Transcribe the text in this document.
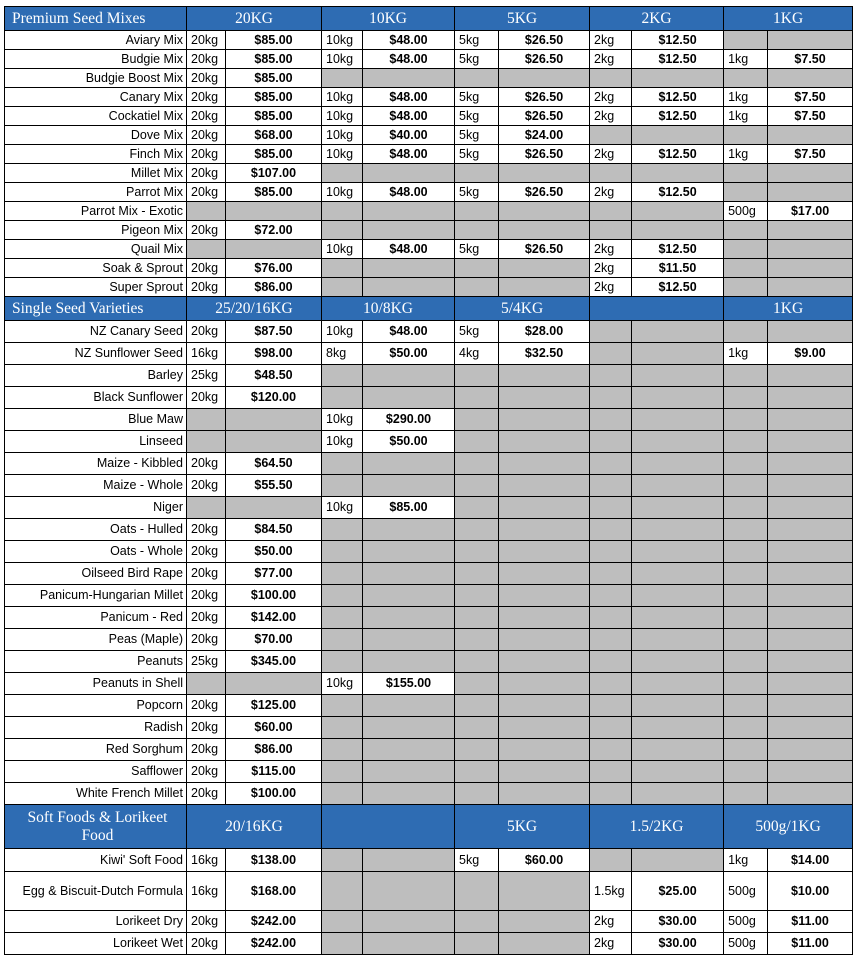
Premium Seed Mixes	20KG		10KG		5KG		2KG		1KG	
Aviary Mix	20kg	$85.00	10kg	$48.00	5kg	$26.50	2kg	$12.50		
Budgie Mix	20kg	$85.00	10kg	$48.00	5kg	$26.50	2kg	$12.50	1kg	$7.50
Budgie Boost Mix	20kg	$85.00								
Canary Mix	20kg	$85.00	10kg	$48.00	5kg	$26.50	2kg	$12.50	1kg	$7.50
Cockatiel Mix	20kg	$85.00	10kg	$48.00	5kg	$26.50	2kg	$12.50	1kg	$7.50
Dove Mix	20kg	$68.00	10kg	$40.00	5kg	$24.00				
Finch Mix	20kg	$85.00	10kg	$48.00	5kg	$26.50	2kg	$12.50	1kg	$7.50
Millet Mix	20kg	$107.00								
Parrot Mix	20kg	$85.00	10kg	$48.00	5kg	$26.50	2kg	$12.50		
Parrot Mix - Exotic									500g	$17.00
Pigeon Mix	20kg	$72.00								
Quail Mix			10kg	$48.00	5kg	$26.50	2kg	$12.50		
Soak & Sprout	20kg	$76.00					2kg	$11.50		
Super Sprout	20kg	$86.00					2kg	$12.50		
Single Seed Varieties	25/20/16KG		10/8KG		5/4KG				1KG	
NZ Canary Seed	20kg	$87.50	10kg	$48.00	5kg	$28.00				
NZ Sunflower Seed	16kg	$98.00	8kg	$50.00	4kg	$32.50			1kg	$9.00
Barley	25kg	$48.50								
Black Sunflower	20kg	$120.00								
Blue Maw			10kg	$290.00						
Linseed			10kg	$50.00						
Maize - Kibbled	20kg	$64.50								
Maize - Whole	20kg	$55.50								
Niger			10kg	$85.00						
Oats - Hulled	20kg	$84.50								
Oats - Whole	20kg	$50.00								
Oilseed Bird Rape	20kg	$77.00								
Panicum-Hungarian Millet	20kg	$100.00								
Panicum - Red	20kg	$142.00								
Peas (Maple)	20kg	$70.00								
Peanuts	25kg	$345.00								
Peanuts in Shell			10kg	$155.00						
Popcorn	20kg	$125.00								
Radish	20kg	$60.00								
Red Sorghum	20kg	$86.00								
Safflower	20kg	$115.00								
White French Millet	20kg	$100.00								
Soft Foods & Lorikeet Food	20/16KG				5KG		1.5/2KG		500g/1KG	
Kiwi' Soft Food	16kg	$138.00			5kg	$60.00			1kg	$14.00
Egg & Biscuit-Dutch Formula	16kg	$168.00					1.5kg	$25.00	500g	$10.00
Lorikeet Dry	20kg	$242.00					2kg	$30.00	500g	$11.00
Lorikeet Wet	20kg	$242.00					2kg	$30.00	500g	$11.00
